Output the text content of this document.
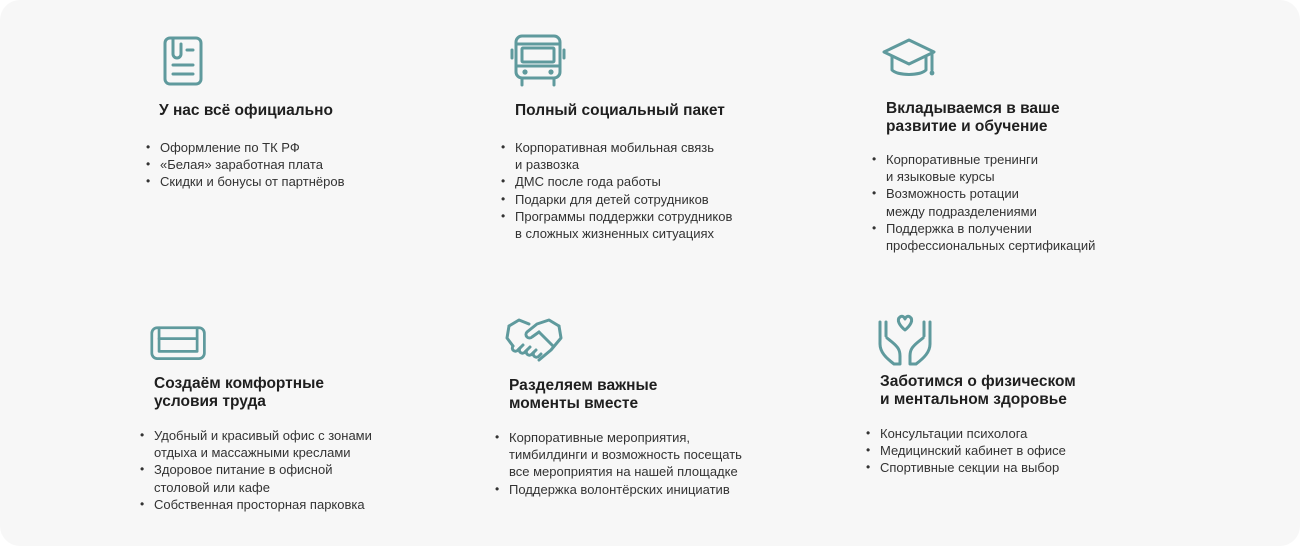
У нас всё официально
• Оформление по ТК РФ
• «Белая» заработная плата
• Скидки и бонусы от партнёров
Полный социальный пакет
• Корпоративная мобильная связь
и развозка
• ДМС после года работы
• Подарки для детей сотрудников
• Программы поддержки сотрудников
в сложных жизненных ситуациях
Вкладываемся в ваше
развитие и обучение
• Корпоративные тренинги
и языковые курсы
• Возможность ротации
между подразделениями
• Поддержка в получении
профессиональных сертификаций
Создаём комфортные
условия труда
• Удобный и красивый офис с зонами
отдыха и массажными креслами
• Здоровое питание в офисной
столовой или кафе
• Собственная просторная парковка
Разделяем важные
моменты вместе
• Корпоративные мероприятия,
тимбилдинги и возможность посещать
все мероприятия на нашей площадке
• Поддержка волонтёрских инициатив
Заботимся о физическом
и ментальном здоровье
• Консультации психолога
• Медицинский кабинет в офисе
• Спортивные секции на выбор
